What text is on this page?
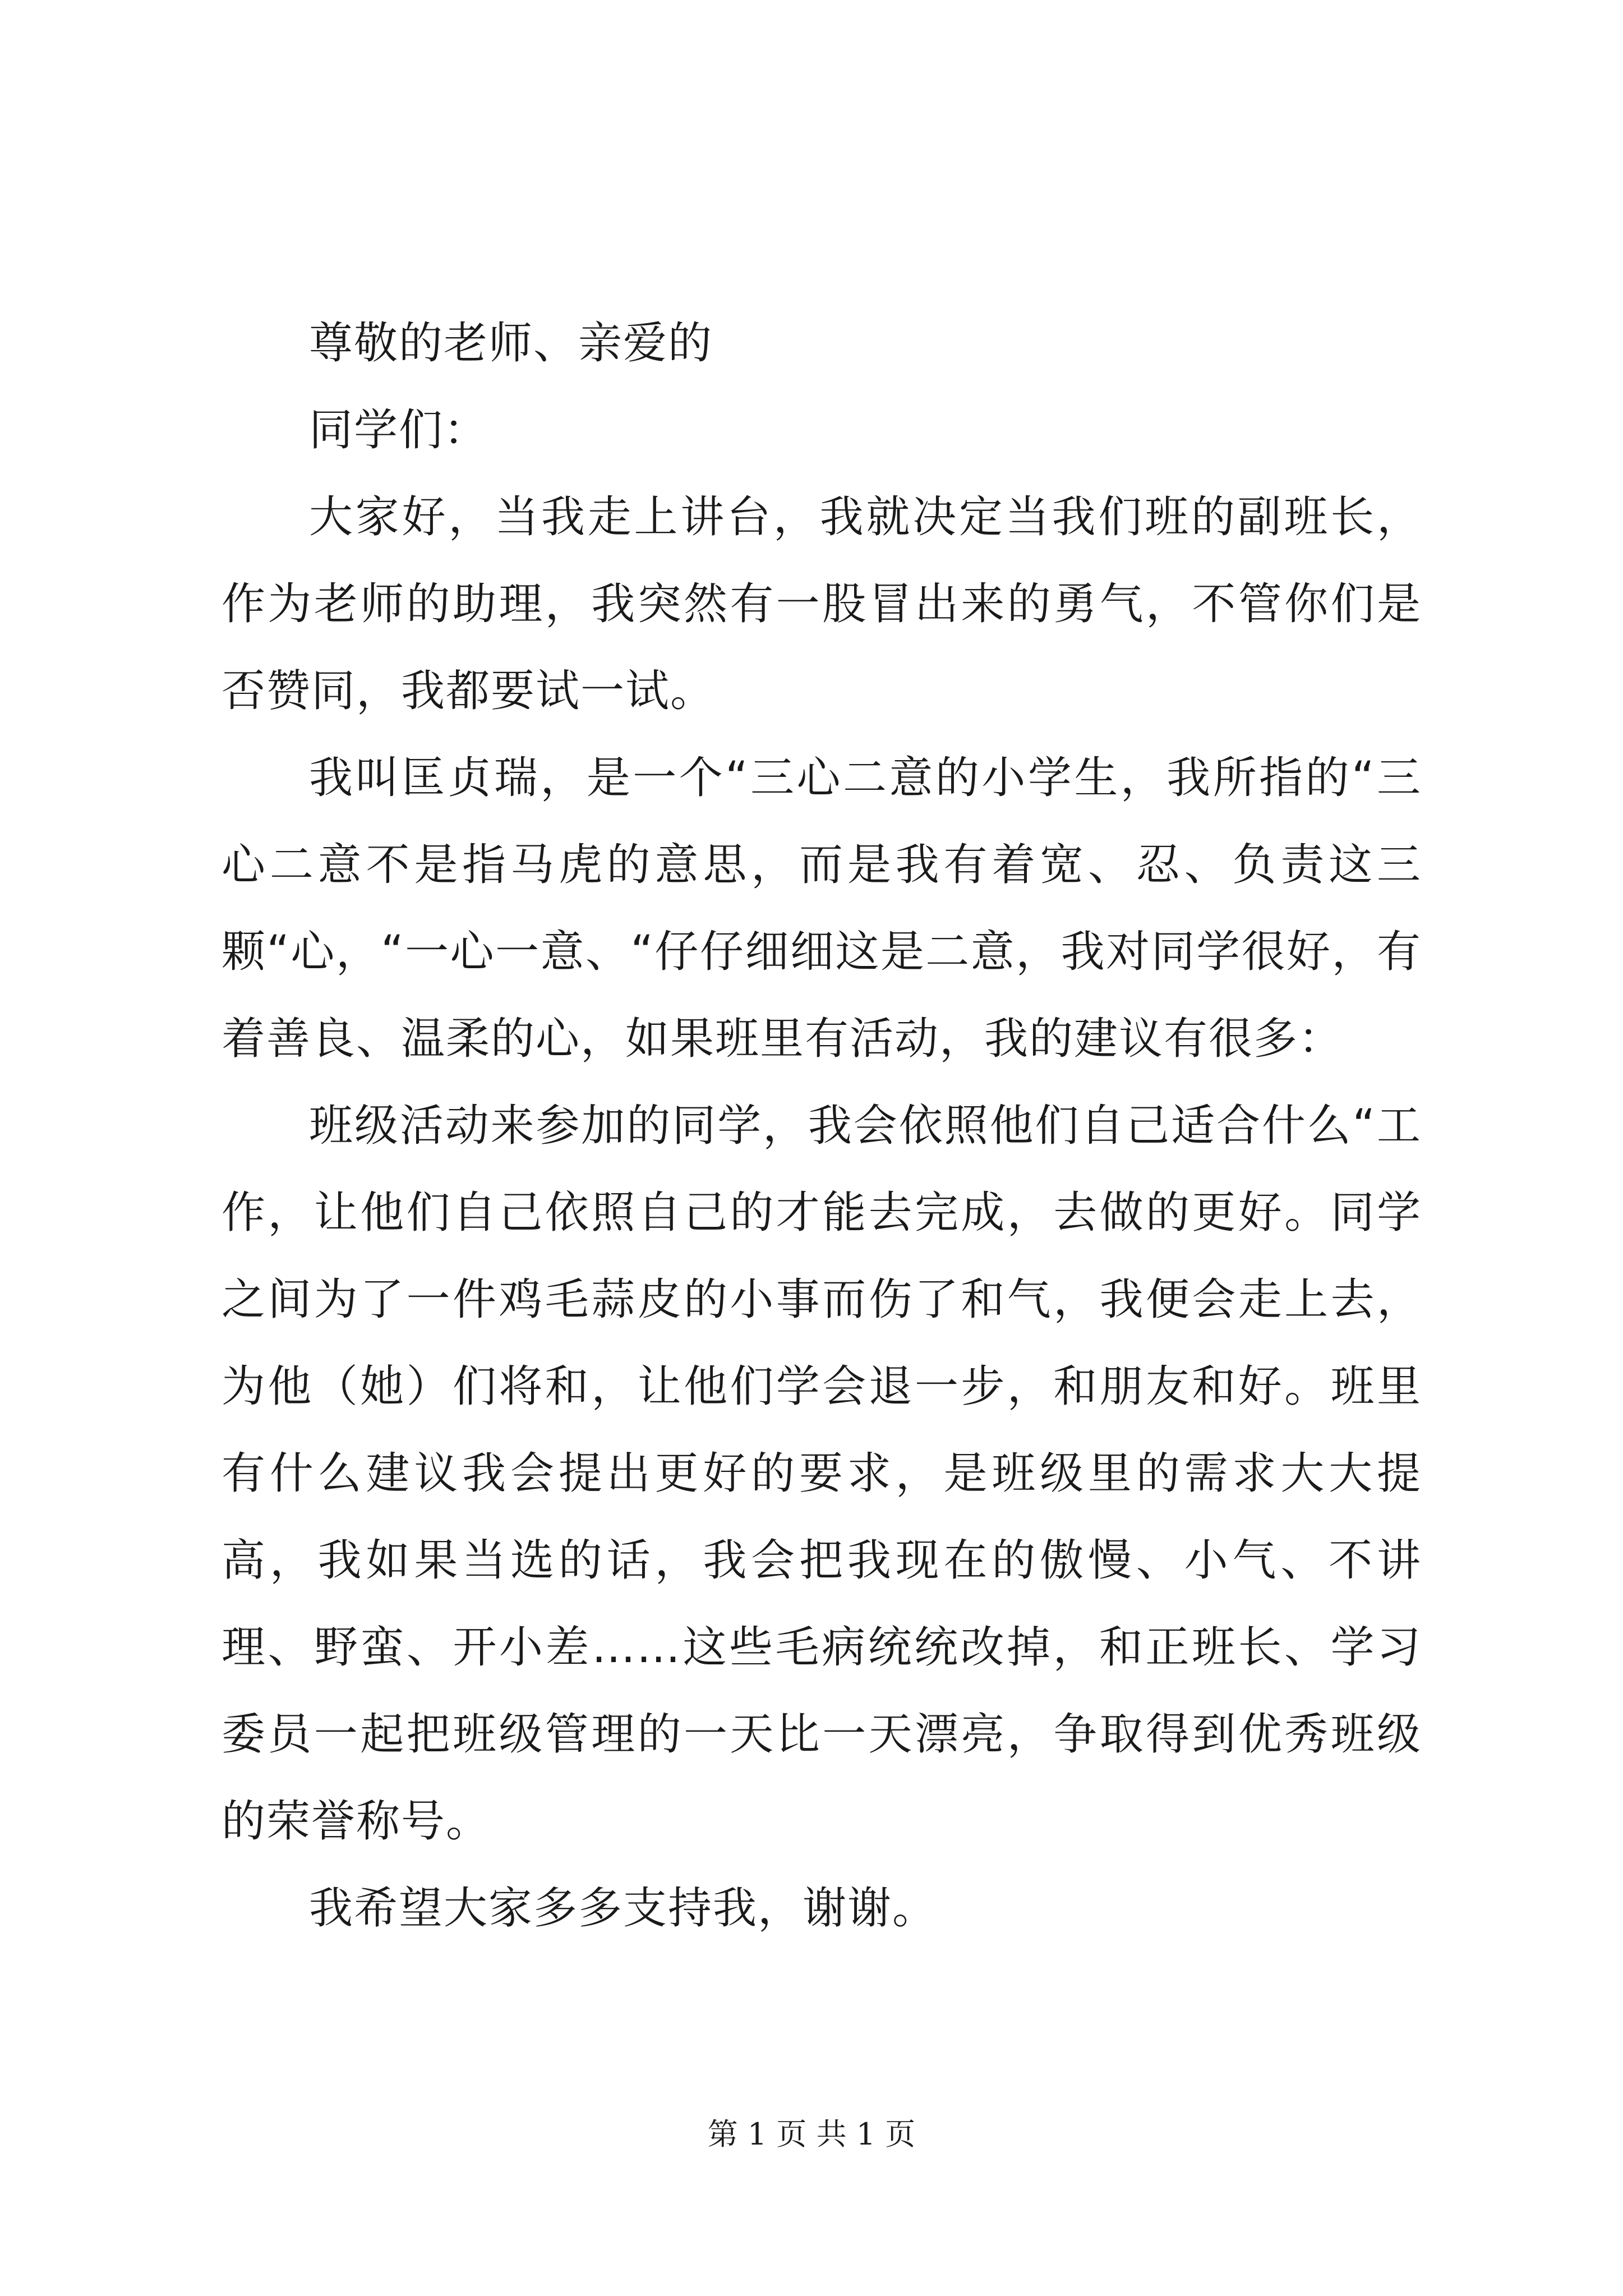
尊敬的老师、亲爱的

同学们：

大家好，当我走上讲台，我就决定当我们班的副班长，作为老师的助理，我突然有一股冒出来的勇气，不管你们是否赞同，我都要试一试。

我叫匡贞瑞，是一个“三心二意的小学生，我所指的“三心二意不是指马虎的意思，而是我有着宽、忍、负责这三颗“心，“一心一意、“仔仔细细这是二意，我对同学很好，有着善良、温柔的心，如果班里有活动，我的建议有很多：

班级活动来参加的同学，我会依照他们自己适合什么“工作，让他们自己依照自己的才能去完成，去做的更好。同学之间为了一件鸡毛蒜皮的小事而伤了和气，我便会走上去，为他（她）们将和，让他们学会退一步，和朋友和好。班里有什么建议我会提出更好的要求，是班级里的需求大大提高，我如果当选的话，我会把我现在的傲慢、小气、不讲理、野蛮、开小差……这些毛病统统改掉，和正班长、学习委员一起把班级管理的一天比一天漂亮，争取得到优秀班级的荣誉称号。

我希望大家多多支持我，谢谢。

第 1 页 共 1 页
